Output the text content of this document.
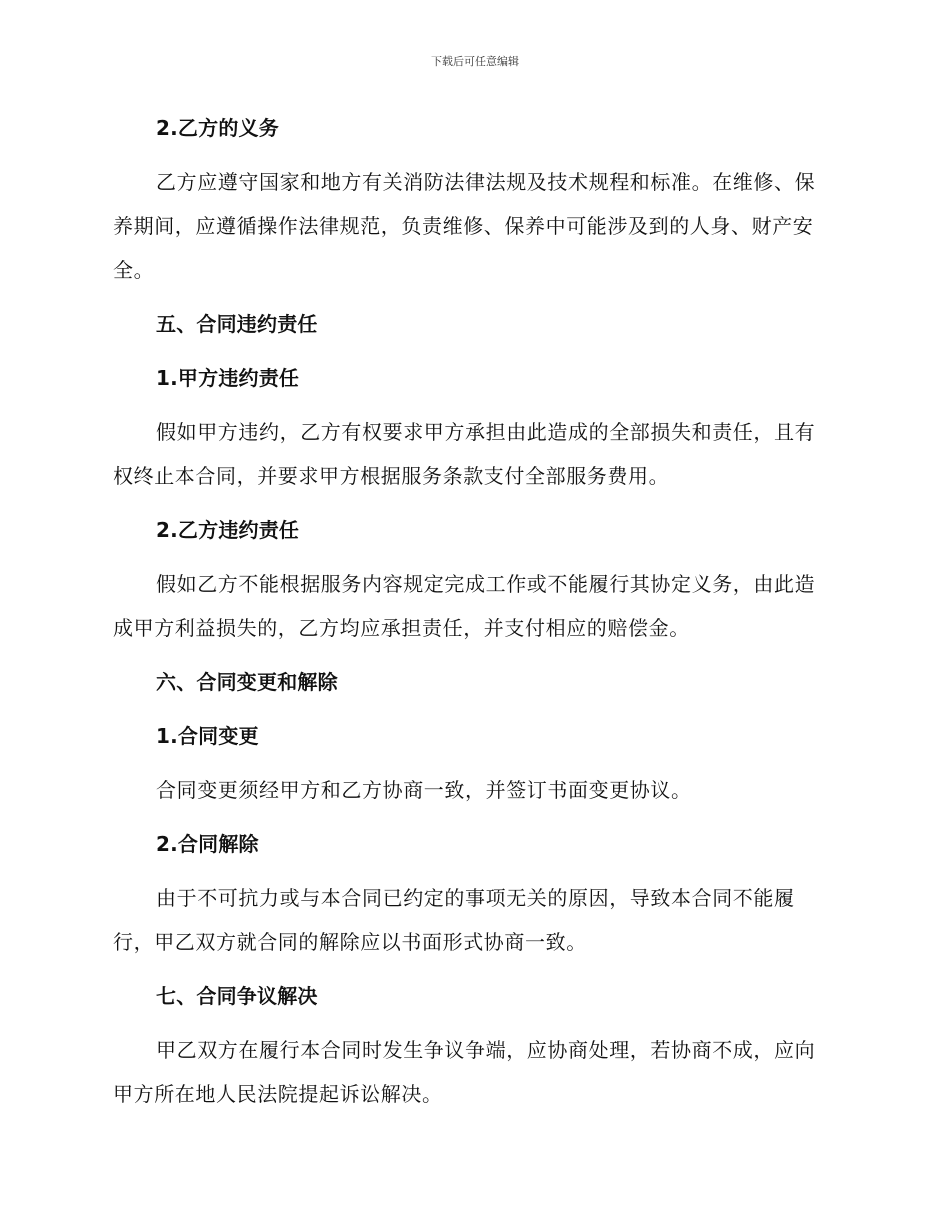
下载后可任意编辑
2.乙方的义务

乙方应遵守国家和地方有关消防法律法规及技术规程和标准。在维修、保养期间，应遵循操作法律规范，负责维修、保养中可能涉及到的人身、财产安全。

五、合同违约责任
1.甲方违约责任

假如甲方违约，乙方有权要求甲方承担由此造成的全部损失和责任，且有权终止本合同，并要求甲方根据服务条款支付全部服务费用。

2.乙方违约责任

假如乙方不能根据服务内容规定完成工作或不能履行其协定义务，由此造成甲方利益损失的，乙方均应承担责任，并支付相应的赔偿金。

六、合同变更和解除
1.合同变更

合同变更须经甲方和乙方协商一致，并签订书面变更协议。

2.合同解除

由于不可抗力或与本合同已约定的事项无关的原因，导致本合同不能履行，甲乙双方就合同的解除应以书面形式协商一致。

七、合同争议解决

甲乙双方在履行本合同时发生争议争端，应协商处理，若协商不成，应向甲方所在地人民法院提起诉讼解决。
